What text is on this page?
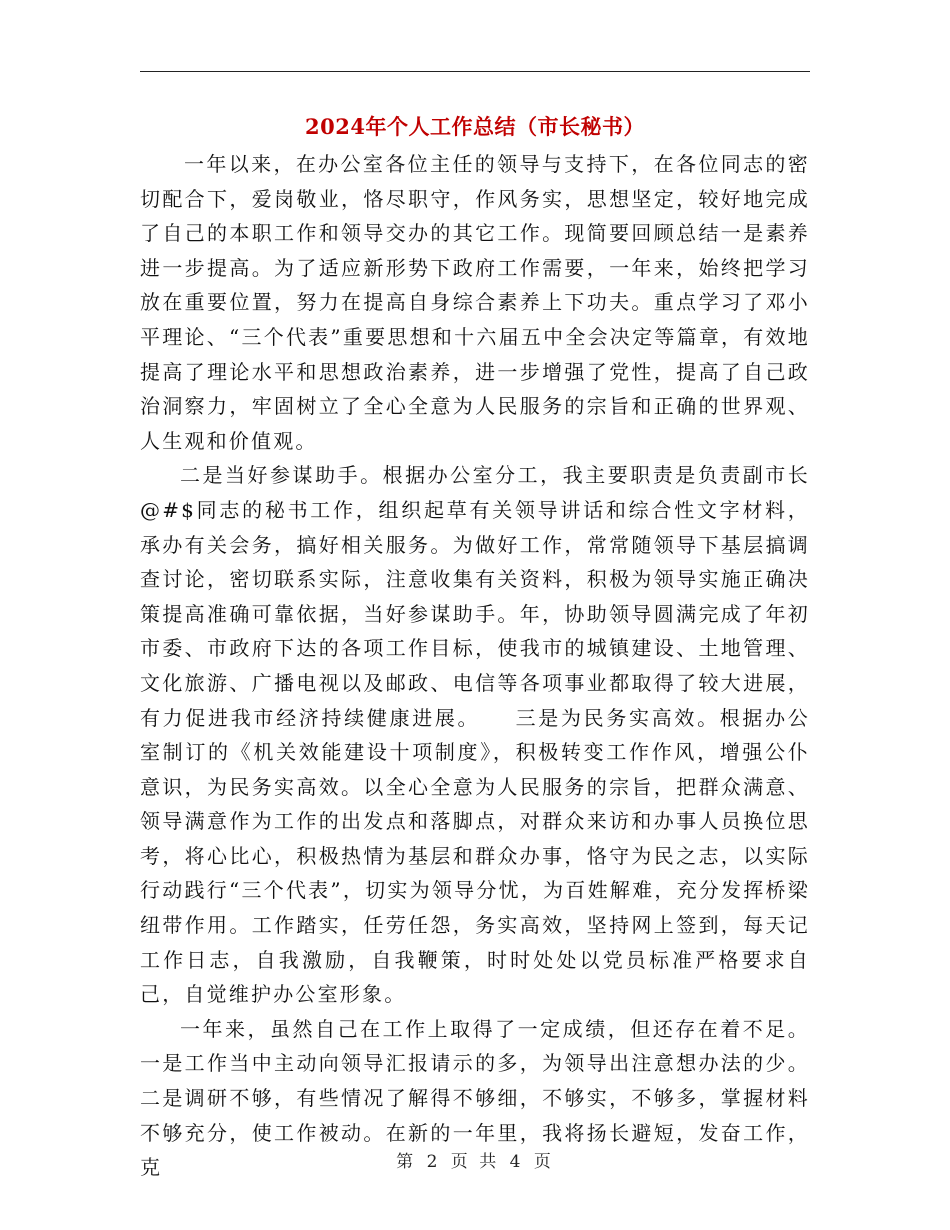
2024年个人工作总结（市长秘书）

一年以来，在办公室各位主任的领导与支持下，在各位同志的密切配合下，爱岗敬业，恪尽职守，作风务实，思想坚定，较好地完成了自己的本职工作和领导交办的其它工作。现简要回顾总结一是素养进一步提高。为了适应新形势下政府工作需要，一年来，始终把学习放在重要位置，努力在提高自身综合素养上下功夫。重点学习了邓小平理论、“三个代表”重要思想和十六届五中全会决定等篇章，有效地提高了理论水平和思想政治素养，进一步增强了党性，提高了自己政治洞察力，牢固树立了全心全意为人民服务的宗旨和正确的世界观、人生观和价值观。

二是当好参谋助手。根据办公室分工，我主要职责是负责副市长@#$同志的秘书工作，组织起草有关领导讲话和综合性文字材料，承办有关会务，搞好相关服务。为做好工作，常常随领导下基层搞调查讨论，密切联系实际，注意收集有关资料，积极为领导实施正确决策提高准确可靠依据，当好参谋助手。年，协助领导圆满完成了年初市委、市政府下达的各项工作目标，使我市的城镇建设、土地管理、文化旅游、广播电视以及邮政、电信等各项事业都取得了较大进展，有力促进我市经济持续健康进展。　　三是为民务实高效。根据办公室制订的《机关效能建设十项制度》，积极转变工作作风，增强公仆意识，为民务实高效。以全心全意为人民服务的宗旨，把群众满意、领导满意作为工作的出发点和落脚点，对群众来访和办事人员换位思考，将心比心，积极热情为基层和群众办事，恪守为民之志，以实际行动践行“三个代表”，切实为领导分忧，为百姓解难，充分发挥桥梁纽带作用。工作踏实，任劳任怨，务实高效，坚持网上签到，每天记工作日志，自我激励，自我鞭策，时时处处以党员标准严格要求自己，自觉维护办公室形象。

一年来，虽然自己在工作上取得了一定成绩，但还存在着不足。一是工作当中主动向领导汇报请示的多，为领导出注意想办法的少。二是调研不够，有些情况了解得不够细，不够实，不够多，掌握材料不够充分，使工作被动。在新的一年里，我将扬长避短，发奋工作，克	第 2 页 共 4 页
